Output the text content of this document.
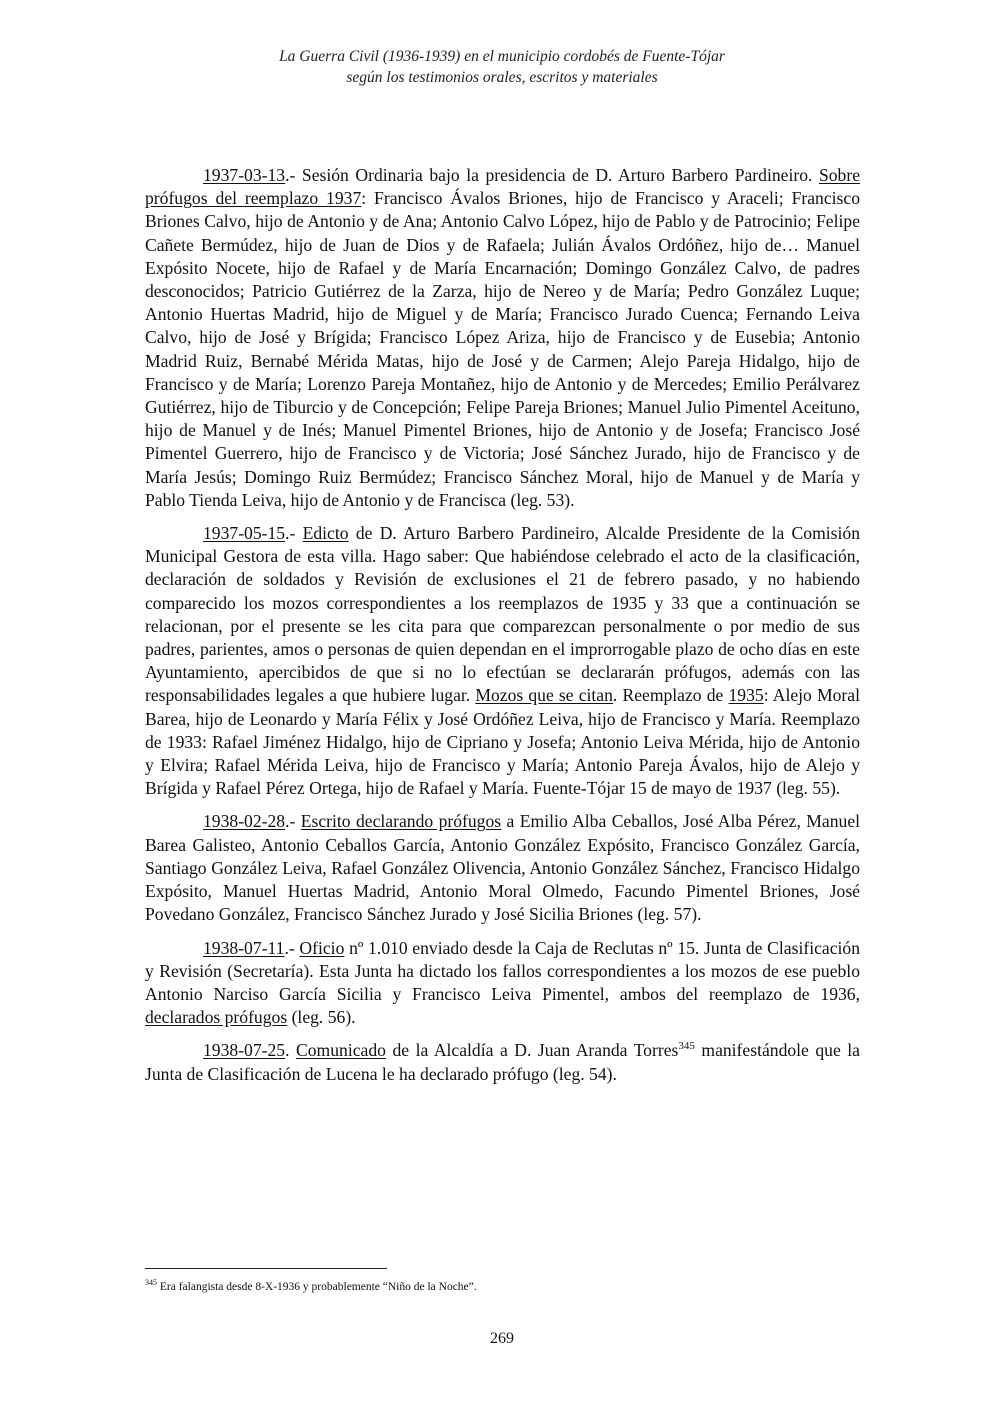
La Guerra Civil (1936-1939) en el municipio cordobés de Fuente-Tójar
según los testimonios orales, escritos y materiales

1937-03-13.- Sesión Ordinaria bajo la presidencia de D. Arturo Barbero Pardineiro. Sobre prófugos del reemplazo 1937: Francisco Ávalos Briones, hijo de Francisco y Araceli; Francisco Briones Calvo, hijo de Antonio y de Ana; Antonio Calvo López, hijo de Pablo y de Patrocinio; Felipe Cañete Bermúdez, hijo de Juan de Dios y de Rafaela; Julián Ávalos Ordóñez, hijo de… Manuel Expósito Nocete, hijo de Rafael y de María Encarnación; Domingo González Calvo, de padres desconocidos; Patricio Gutiérrez de la Zarza, hijo de Nereo y de María; Pedro González Luque; Antonio Huertas Madrid, hijo de Miguel y de María; Francisco Jurado Cuenca; Fernando Leiva Calvo, hijo de José y Brígida; Francisco López Ariza, hijo de Francisco y de Eusebia; Antonio Madrid Ruiz, Bernabé Mérida Matas, hijo de José y de Carmen; Alejo Pareja Hidalgo, hijo de Francisco y de María; Lorenzo Pareja Montañez, hijo de Antonio y de Mercedes; Emilio Perálvarez Gutiérrez, hijo de Tiburcio y de Concepción; Felipe Pareja Briones; Manuel Julio Pimentel Aceituno, hijo de Manuel y de Inés; Manuel Pimentel Briones, hijo de Antonio y de Josefa; Francisco José Pimentel Guerrero, hijo de Francisco y de Victoria; José Sánchez Jurado, hijo de Francisco y de María Jesús; Domingo Ruiz Bermúdez; Francisco Sánchez Moral, hijo de Manuel y de María y Pablo Tienda Leiva, hijo de Antonio y de Francisca (leg. 53).

1937-05-15.- Edicto de D. Arturo Barbero Pardineiro, Alcalde Presidente de la Comisión Municipal Gestora de esta villa. Hago saber: Que habiéndose celebrado el acto de la clasificación, declaración de soldados y Revisión de exclusiones el 21 de febrero pasado, y no habiendo comparecido los mozos correspondientes a los reemplazos de 1935 y 33 que a continuación se relacionan, por el presente se les cita para que comparezcan personalmente o por medio de sus padres, parientes, amos o personas de quien dependan en el improrrogable plazo de ocho días en este Ayuntamiento, apercibidos de que si no lo efectúan se declararán prófugos, además con las responsabilidades legales a que hubiere lugar. Mozos que se citan. Reemplazo de 1935: Alejo Moral Barea, hijo de Leonardo y María Félix y José Ordóñez Leiva, hijo de Francisco y María. Reemplazo de 1933: Rafael Jiménez Hidalgo, hijo de Cipriano y Josefa; Antonio Leiva Mérida, hijo de Antonio y Elvira; Rafael Mérida Leiva, hijo de Francisco y María; Antonio Pareja Ávalos, hijo de Alejo y Brígida y Rafael Pérez Ortega, hijo de Rafael y María. Fuente-Tójar 15 de mayo de 1937 (leg. 55).

1938-02-28.- Escrito declarando prófugos a Emilio Alba Ceballos, José Alba Pérez, Manuel Barea Galisteo, Antonio Ceballos García, Antonio González Expósito, Francisco González García, Santiago González Leiva, Rafael González Olivencia, Antonio González Sánchez, Francisco Hidalgo Expósito, Manuel Huertas Madrid, Antonio Moral Olmedo, Facundo Pimentel Briones, José Povedano González, Francisco Sánchez Jurado y José Sicilia Briones (leg. 57).

1938-07-11.- Oficio nº 1.010 enviado desde la Caja de Reclutas nº 15. Junta de Clasificación y Revisión (Secretaría). Esta Junta ha dictado los fallos correspondientes a los mozos de ese pueblo Antonio Narciso García Sicilia y Francisco Leiva Pimentel, ambos del reemplazo de 1936, declarados prófugos (leg. 56).

1938-07-25. Comunicado de la Alcaldía a D. Juan Aranda Torres$^{345}$ manifestándole que la Junta de Clasificación de Lucena le ha declarado prófugo (leg. 54).

$^{345}$ Era falangista desde 8-X-1936 y probablemente “Niño de la Noche”.
269
